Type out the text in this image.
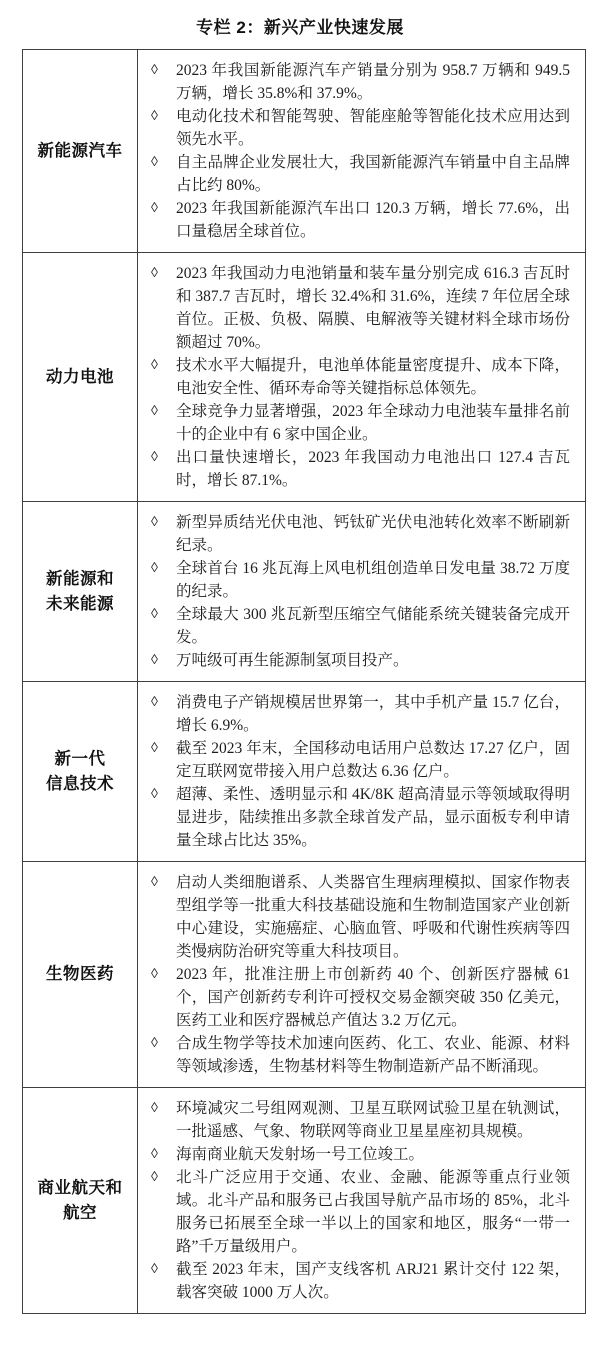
专栏 2：新兴产业快速发展
新能源汽车

◊ 2023 年我国新能源汽车产销量分别为 958.7 万辆和 949.5 万辆，增长 35.8%和 37.9%。
◊ 电动化技术和智能驾驶、智能座舱等智能化技术应用达到领先水平。
◊ 自主品牌企业发展壮大，我国新能源汽车销量中自主品牌占比约 80%。
◊ 2023 年我国新能源汽车出口 120.3 万辆，增长 77.6%，出口量稳居全球首位。

动力电池

◊ 2023 年我国动力电池销量和装车量分别完成 616.3 吉瓦时和 387.7 吉瓦时，增长 32.4%和 31.6%，连续 7 年位居全球首位。正极、负极、隔膜、电解液等关键材料全球市场份额超过 70%。
◊ 技术水平大幅提升，电池单体能量密度提升、成本下降，电池安全性、循环寿命等关键指标总体领先。
◊ 全球竞争力显著增强，2023 年全球动力电池装车量排名前十的企业中有 6 家中国企业。
◊ 出口量快速增长，2023 年我国动力电池出口 127.4 吉瓦时，增长 87.1%。

新能源和
未来能源

◊ 新型异质结光伏电池、钙钛矿光伏电池转化效率不断刷新纪录。
◊ 全球首台 16 兆瓦海上风电机组创造单日发电量 38.72 万度的纪录。
◊ 全球最大 300 兆瓦新型压缩空气储能系统关键装备完成开发。
◊ 万吨级可再生能源制氢项目投产。

新一代
信息技术

◊ 消费电子产销规模居世界第一，其中手机产量 15.7 亿台，增长 6.9%。
◊ 截至 2023 年末，全国移动电话用户总数达 17.27 亿户，固定互联网宽带接入用户总数达 6.36 亿户。
◊ 超薄、柔性、透明显示和 4K/8K 超高清显示等领域取得明显进步，陆续推出多款全球首发产品，显示面板专利申请量全球占比达 35%。

生物医药

◊ 启动人类细胞谱系、人类器官生理病理模拟、国家作物表型组学等一批重大科技基础设施和生物制造国家产业创新中心建设，实施癌症、心脑血管、呼吸和代谢性疾病等四类慢病防治研究等重大科技项目。
◊ 2023 年，批准注册上市创新药 40 个、创新医疗器械 61 个，国产创新药专利许可授权交易金额突破 350 亿美元，医药工业和医疗器械总产值达 3.2 万亿元。
◊ 合成生物学等技术加速向医药、化工、农业、能源、材料等领域渗透，生物基材料等生物制造新产品不断涌现。

商业航天和
航空

◊ 环境减灾二号组网观测、卫星互联网试验卫星在轨测试，一批遥感、气象、物联网等商业卫星星座初具规模。
◊ 海南商业航天发射场一号工位竣工。
◊ 北斗广泛应用于交通、农业、金融、能源等重点行业领域。北斗产品和服务已占我国导航产品市场的 85%，北斗服务已拓展至全球一半以上的国家和地区，服务“一带一路”千万量级用户。
◊ 截至 2023 年末，国产支线客机 ARJ21 累计交付 122 架，载客突破 1000 万人次。
